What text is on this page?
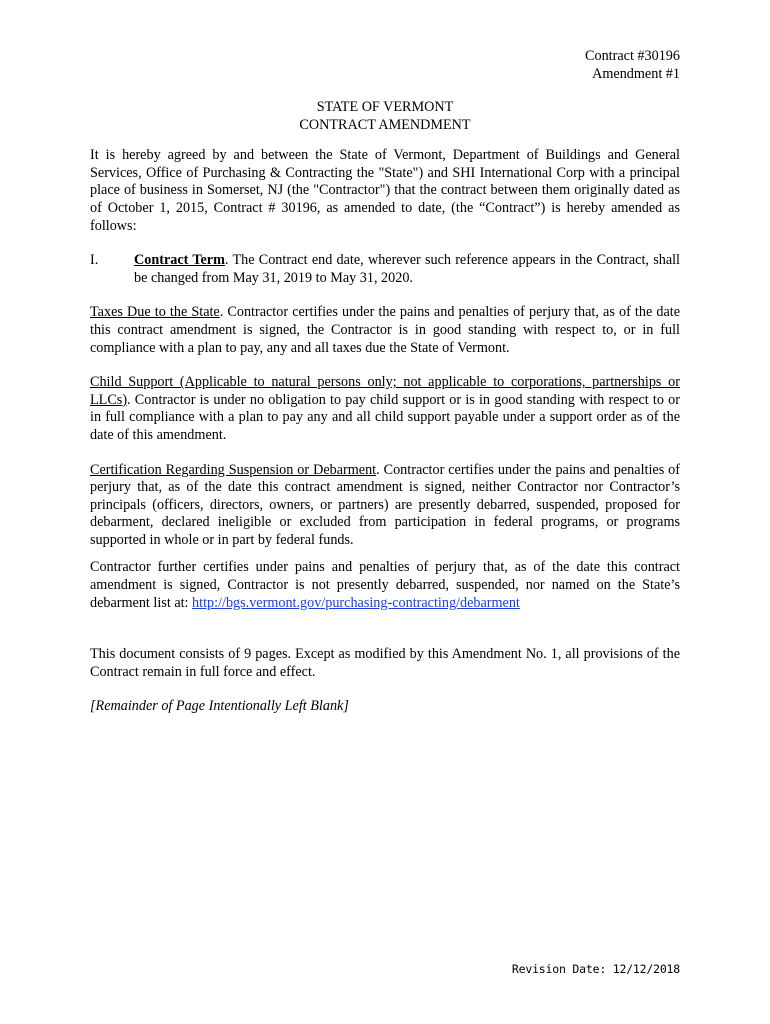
Contract #30196
Amendment #1
STATE OF VERMONT
CONTRACT AMENDMENT

It is hereby agreed by and between the State of Vermont, Department of Buildings and General Services, Office of Purchasing & Contracting the "State") and SHI International Corp with a principal place of business in Somerset, NJ (the "Contractor") that the contract between them originally dated as of October 1, 2015, Contract # 30196, as amended to date, (the “Contract”) is hereby amended as follows:

I.	Contract Term. The Contract end date, wherever such reference appears in the Contract, shall be changed from May 31, 2019 to May 31, 2020.

Taxes Due to the State. Contractor certifies under the pains and penalties of perjury that, as of the date this contract amendment is signed, the Contractor is in good standing with respect to, or in full compliance with a plan to pay, any and all taxes due the State of Vermont.

Child Support (Applicable to natural persons only; not applicable to corporations, partnerships or LLCs). Contractor is under no obligation to pay child support or is in good standing with respect to or in full compliance with a plan to pay any and all child support payable under a support order as of the date of this amendment.

Certification Regarding Suspension or Debarment. Contractor certifies under the pains and penalties of perjury that, as of the date this contract amendment is signed, neither Contractor nor Contractor’s principals (officers, directors, owners, or partners) are presently debarred, suspended, proposed for debarment, declared ineligible or excluded from participation in federal programs, or programs supported in whole or in part by federal funds.

Contractor further certifies under pains and penalties of perjury that, as of the date this contract amendment is signed, Contractor is not presently debarred, suspended, nor named on the State’s debarment list at: http://bgs.vermont.gov/purchasing-contracting/debarment

This document consists of 9 pages. Except as modified by this Amendment No. 1, all provisions of the Contract remain in full force and effect.

[Remainder of Page Intentionally Left Blank]

Revision Date: 12/12/2018
